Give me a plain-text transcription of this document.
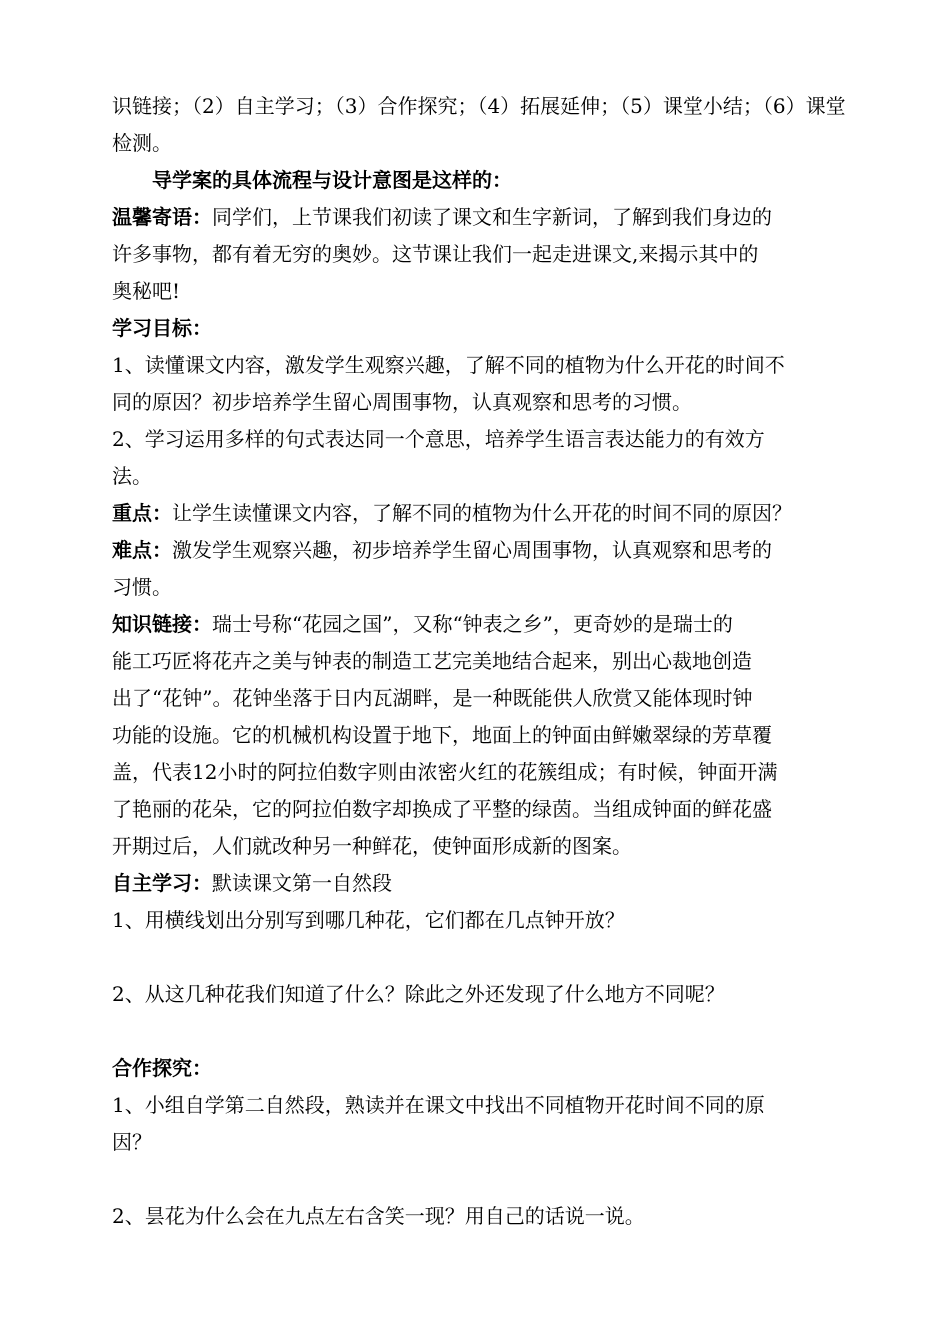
识链接；（2）自主学习；（3）合作探究；（4）拓展延伸；（5）课堂小结；（6）课堂
检测。
导学案的具体流程与设计意图是这样的：
温馨寄语：同学们，上节课我们初读了课文和生字新词，了解到我们身边的
许多事物，都有着无穷的奥妙。这节课让我们一起走进课文,来揭示其中的
奥秘吧!
学习目标：
1、读懂课文内容，激发学生观察兴趣，了解不同的植物为什么开花的时间不
同的原因？初步培养学生留心周围事物，认真观察和思考的习惯。
2、学习运用多样的句式表达同一个意思，培养学生语言表达能力的有效方
法。
重点：让学生读懂课文内容，了解不同的植物为什么开花的时间不同的原因？
难点：激发学生观察兴趣，初步培养学生留心周围事物，认真观察和思考的
习惯。
知识链接：瑞士号称“花园之国”，又称“钟表之乡”，更奇妙的是瑞士的
能工巧匠将花卉之美与钟表的制造工艺完美地结合起来，别出心裁地创造
出了“花钟”。花钟坐落于日内瓦湖畔，是一种既能供人欣赏又能体现时钟
功能的设施。它的机械机构设置于地下，地面上的钟面由鲜嫩翠绿的芳草覆
盖，代表12小时的阿拉伯数字则由浓密火红的花簇组成；有时候，钟面开满
了艳丽的花朵，它的阿拉伯数字却换成了平整的绿茵。当组成钟面的鲜花盛
开期过后，人们就改种另一种鲜花，使钟面形成新的图案。
自主学习：默读课文第一自然段
1、用横线划出分别写到哪几种花，它们都在几点钟开放？
2、从这几种花我们知道了什么？除此之外还发现了什么地方不同呢？
合作探究：
1、小组自学第二自然段，熟读并在课文中找出不同植物开花时间不同的原
因？
2、昙花为什么会在九点左右含笑一现？用自己的话说一说。
